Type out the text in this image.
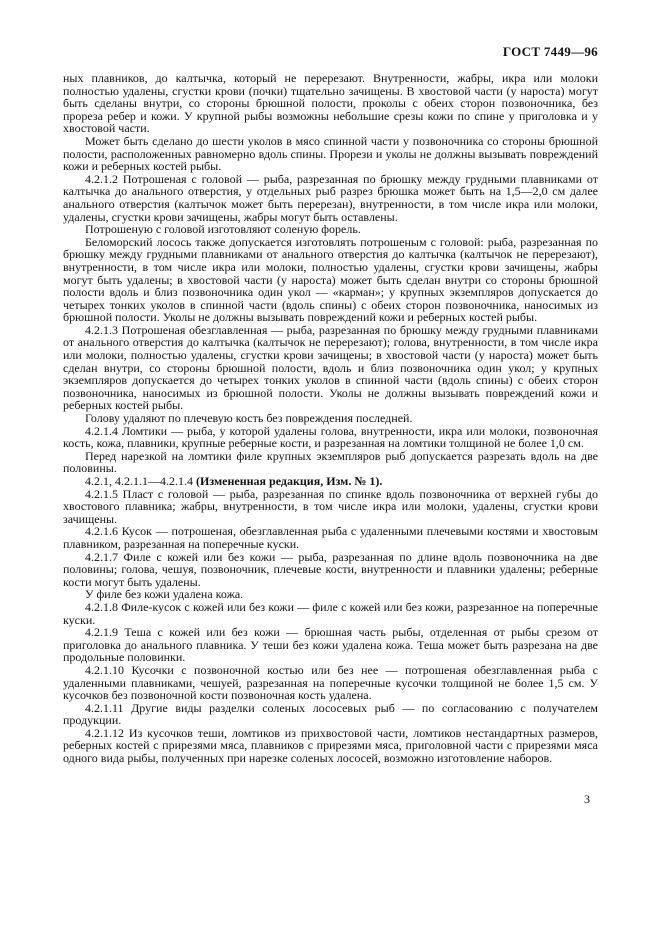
ГОСТ 7449—96

ных плавников, до калтычка, который не перерезают. Внутренности, жабры, икра или молоки полностью удалены, сгустки крови (почки) тщательно зачищены. В хвостовой части (у нароста) могут быть сделаны внутри, со стороны брюшной полости, проколы с обеих сторон позвоночника, без прореза ребер и кожи. У крупной рыбы возможны небольшие срезы кожи по спине у приголовка и у хвостовой части.

Может быть сделано до шести уколов в мясо спинной части у позвоночника со стороны брюшной полости, расположенных равномерно вдоль спины. Прорези и уколы не должны вызывать повреждений кожи и реберных костей рыбы.

4.2.1.2 Потрошеная с головой — рыба, разрезанная по брюшку между грудными плавниками от калтычка до анального отверстия, у отдельных рыб разрез брюшка может быть на 1,5—2,0 см далее анального отверстия (калтычок может быть перерезан), внутренности, в том числе икра или молоки, удалены, сгустки крови зачищены, жабры могут быть оставлены.

Потрошеную с головой изготовляют соленую форель.

Беломорский лосось также допускается изготовлять потрошеным с головой: рыба, разрезанная по брюшку между грудными плавниками от анального отверстия до калтычка (калтычок не перерезают), внутренности, в том числе икра или молоки, полностью удалены, сгустки крови зачищены, жабры могут быть удалены; в хвостовой части (у нароста) может быть сделан внутри со стороны брюшной полости вдоль и близ позвоночника один укол — «карман»; у крупных экземпляров допускается до четырех тонких уколов в спинной части (вдоль спины) с обеих сторон позвоночника, наносимых из брюшной полости. Уколы не должны вызывать повреждений кожи и реберных костей рыбы.

4.2.1.3 Потрошеная обезглавленная — рыба, разрезанная по брюшку между грудными плавниками от анального отверстия до калтычка (калтычок не перерезают); голова, внутренности, в том числе икра или молоки, полностью удалены, сгустки крови зачищены; в хвостовой части (у нароста) может быть сделан внутри, со стороны брюшной полости, вдоль и близ позвоночника один укол; у крупных экземпляров допускается до четырех тонких уколов в спинной части (вдоль спины) с обеих сторон позвоночника, наносимых из брюшной полости. Уколы не должны вызывать повреждений кожи и реберных костей рыбы.

Голову удаляют по плечевую кость без повреждения последней.

4.2.1.4 Ломтики — рыба, у которой удалены голова, внутренности, икра или молоки, позвоночная кость, кожа, плавники, крупные реберные кости, и разрезанная на ломтики толщиной не более 1,0 см.

Перед нарезкой на ломтики филе крупных экземпляров рыб допускается разрезать вдоль на две половины.

4.2.1, 4.2.1.1—4.2.1.4 (Измененная редакция, Изм. № 1).

4.2.1.5 Пласт с головой — рыба, разрезанная по спинке вдоль позвоночника от верхней губы до хвостового плавника; жабры, внутренности, в том числе икра или молоки, удалены, сгустки крови зачищены.

4.2.1.6 Кусок — потрошеная, обезглавленная рыба с удаленными плечевыми костями и хвостовым плавником, разрезанная на поперечные куски.

4.2.1.7 Филе с кожей или без кожи — рыба, разрезанная по длине вдоль позвоночника на две половины; голова, чешуя, позвоночник, плечевые кости, внутренности и плавники удалены; реберные кости могут быть удалены.

У филе без кожи удалена кожа.

4.2.1.8 Филе-кусок с кожей или без кожи — филе с кожей или без кожи, разрезанное на поперечные куски.

4.2.1.9 Теша с кожей или без кожи — брюшная часть рыбы, отделенная от рыбы срезом от приголовка до анального плавника. У теши без кожи удалена кожа. Теша может быть разрезана на две продольные половинки.

4.2.1.10 Кусочки с позвоночной костью или без нее — потрошеная обезглавленная рыба с удаленными плавниками, чешуей, разрезанная на поперечные кусочки толщиной не более 1,5 см. У кусочков без позвоночной кости позвоночная кость удалена.

4.2.1.11 Другие виды разделки соленых лососевых рыб — по согласованию с получателем продукции.

4.2.1.12 Из кусочков теши, ломтиков из прихвостовой части, ломтиков нестандартных размеров, реберных костей с прирезями мяса, плавников с прирезями мяса, приголовной части с прирезями мяса одного вида рыбы, полученных при нарезке соленых лососей, возможно изготовление наборов.

3
